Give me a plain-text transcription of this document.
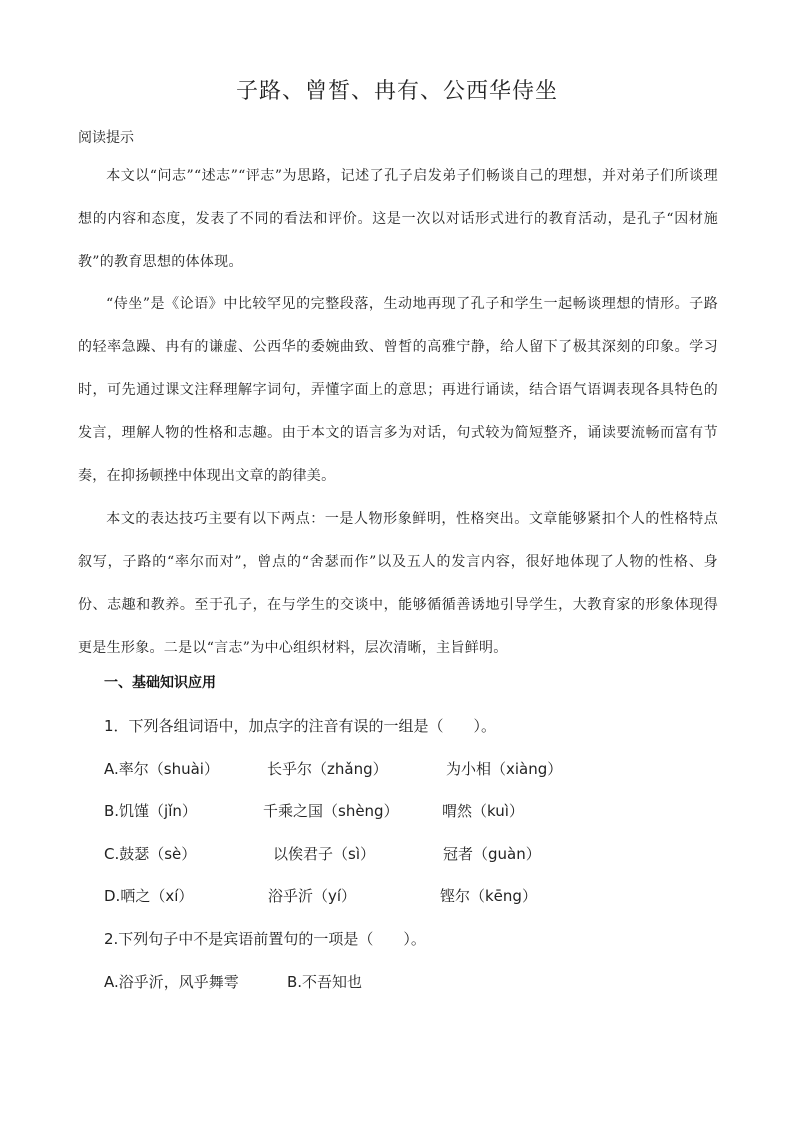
子路、曾皙、冉有、公西华侍坐
阅读提示
本文以“问志”“述志”“评志”为思路，记述了孔子启发弟子们畅谈自己的理想，并对弟子们所谈理想的内容和态度，发表了不同的看法和评价。这是一次以对话形式进行的教育活动，是孔子“因材施教”的教育思想的体体现。
“侍坐”是《论语》中比较罕见的完整段落，生动地再现了孔子和学生一起畅谈理想的情形。子路的轻率急躁、冉有的谦虚、公西华的委婉曲致、曾皙的高雅宁静，给人留下了极其深刻的印象。学习时，可先通过课文注释理解字词句，弄懂字面上的意思；再进行诵读，结合语气语调表现各具特色的发言，理解人物的性格和志趣。由于本文的语言多为对话，句式较为简短整齐，诵读要流畅而富有节奏，在抑扬顿挫中体现出文章的韵律美。
本文的表达技巧主要有以下两点：一是人物形象鲜明，性格突出。文章能够紧扣个人的性格特点叙写，子路的“率尔而对”，曾点的“舍瑟而作”以及五人的发言内容，很好地体现了人物的性格、身份、志趣和教养。至于孔子，在与学生的交谈中，能够循循善诱地引导学生，大教育家的形象体现得更是生形象。二是以“言志”为中心组织材料，层次清晰，主旨鲜明。
一、基础知识应用
1．下列各组词语中，加点字的注音有误的一组是（　　）。
A.率尔（shuài）	长乎尔（zhǎng）	为小相（xiàng）
B.饥馑（jǐn）	千乘之国（shèng）	喟然（kuì）
C.鼓瑟（sè）	以俟君子（sì）	冠者（guàn）
D.哂之（xí）	浴乎沂（yí）	铿尔（kēng）
2.下列句子中不是宾语前置句的一项是（　　）。
A.浴乎沂，风乎舞雩	B.不吾知也
